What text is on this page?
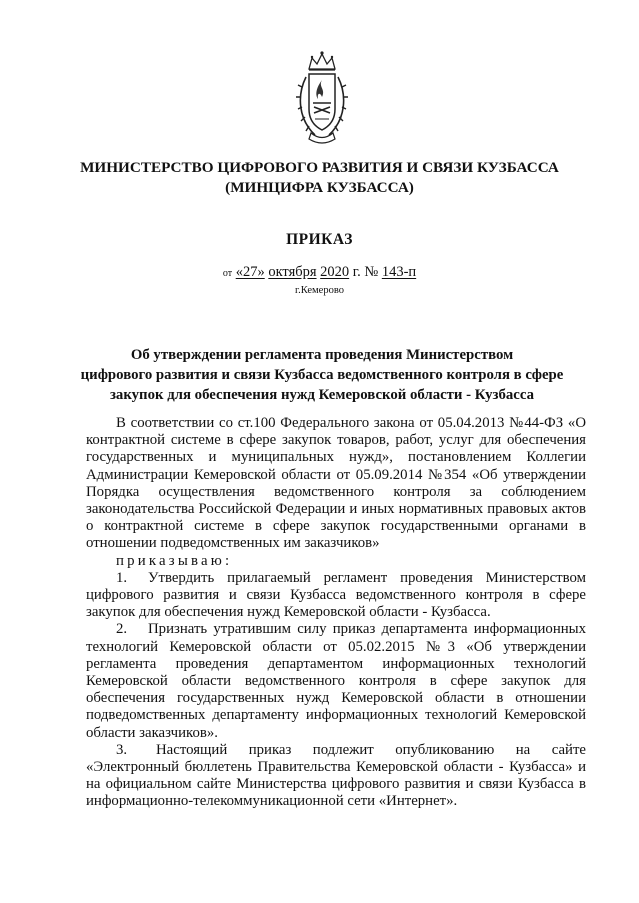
МИНИСТЕРСТВО ЦИФРОВОГО РАЗВИТИЯ И СВЯЗИ КУЗБАССА
(МИНЦИФРА КУЗБАССА)
ПРИКАЗ
от «27» октября 2020 г. № 143-п
г.Кемерово
Об утверждении регламента проведения Министерством
цифрового развития и связи Кузбасса ведомственного контроля в сфере
закупок для обеспечения нужд Кемеровской области - Кузбасса

В соответствии со ст.100 Федерального закона от 05.04.2013 №44-ФЗ «О контрактной системе в сфере закупок товаров, работ, услуг для обеспечения государственных и муниципальных нужд», постановлением Коллегии Администрации Кемеровской области от 05.09.2014 №354 «Об утверждении Порядка осуществления ведомственного контроля за соблюдением законодательства Российской Федерации и иных нормативных правовых актов о контрактной системе в сфере закупок государственными органами в отношении подведомственных им заказчиков»

приказываю:

1. Утвердить прилагаемый регламент проведения Министерством цифрового развития и связи Кузбасса ведомственного контроля в сфере закупок для обеспечения нужд Кемеровской области - Кузбасса.

2. Признать утратившим силу приказ департамента информационных технологий Кемеровской области от 05.02.2015 №3 «Об утверждении регламента проведения департаментом информационных технологий Кемеровской области ведомственного контроля в сфере закупок для обеспечения государственных нужд Кемеровской области в отношении подведомственных департаменту информационных технологий Кемеровской области заказчиков».

3. Настоящий приказ подлежит опубликованию на сайте «Электронный бюллетень Правительства Кемеровской области - Кузбасса» и на официальном сайте Министерства цифрового развития и связи Кузбасса в информационно-телекоммуникационной сети «Интернет».
